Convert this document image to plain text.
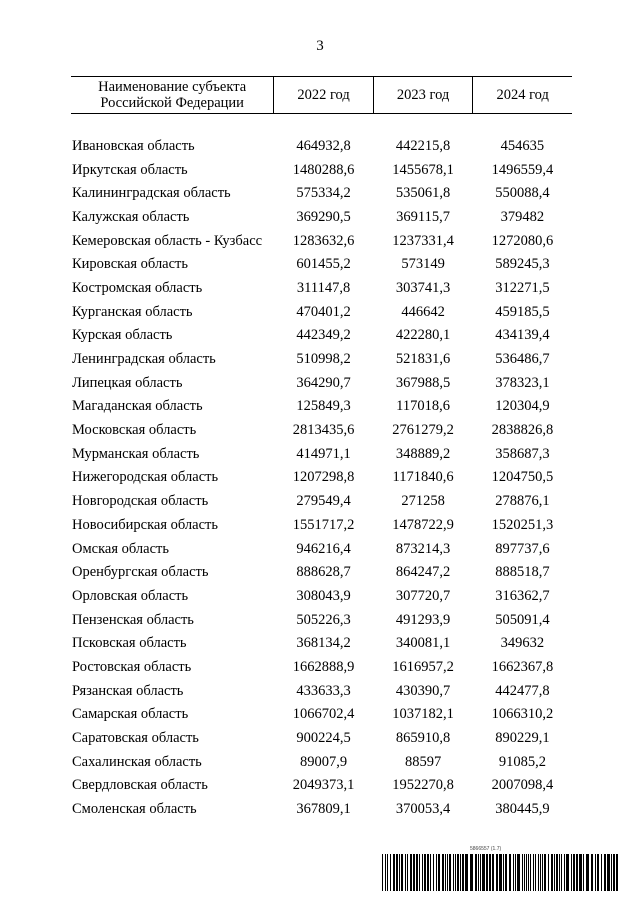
3
Наименование субъекта Российской Федерации	2022 год	2023 год	2024 год

Ивановская область	464932,8	442215,8	454635
Иркутская область	1480288,6	1455678,1	1496559,4
Калининградская область	575334,2	535061,8	550088,4
Калужская область	369290,5	369115,7	379482
Кемеровская область - Кузбасс	1283632,6	1237331,4	1272080,6
Кировская область	601455,2	573149	589245,3
Костромская область	311147,8	303741,3	312271,5
Курганская область	470401,2	446642	459185,5
Курская область	442349,2	422280,1	434139,4
Ленинградская область	510998,2	521831,6	536486,7
Липецкая область	364290,7	367988,5	378323,1
Магаданская область	125849,3	117018,6	120304,9
Московская область	2813435,6	2761279,2	2838826,8
Мурманская область	414971,1	348889,2	358687,3
Нижегородская область	1207298,8	1171840,6	1204750,5
Новгородская область	279549,4	271258	278876,1
Новосибирская область	1551717,2	1478722,9	1520251,3
Омская область	946216,4	873214,3	897737,6
Оренбургская область	888628,7	864247,2	888518,7
Орловская область	308043,9	307720,7	316362,7
Пензенская область	505226,3	491293,9	505091,4
Псковская область	368134,2	340081,1	349632
Ростовская область	1662888,9	1616957,2	1662367,8
Рязанская область	433633,3	430390,7	442477,8
Самарская область	1066702,4	1037182,1	1066310,2
Саратовская область	900224,5	865910,8	890229,1
Сахалинская область	89007,9	88597	91085,2
Свердловская область	2049373,1	1952270,8	2007098,4
Смоленская область	367809,1	370053,4	380445,9
5866557 (1.7)
